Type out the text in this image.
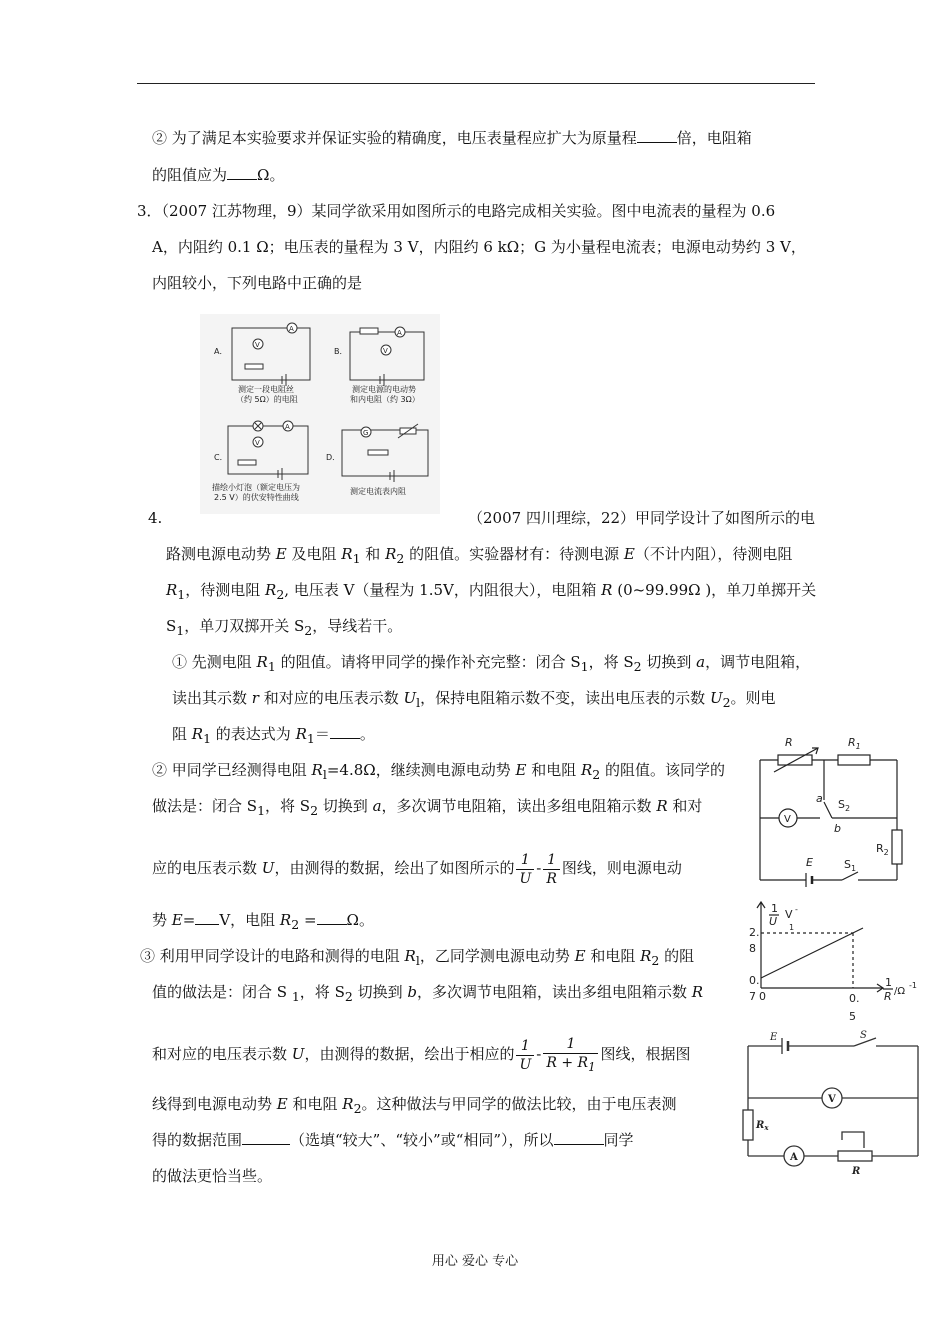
② 为了满足本实验要求并保证实验的精确度，电压表量程应扩大为原量程	倍，电阻箱
的阻值应为 Ω。
3．（2007 江苏物理，9）某同学欲采用如图所示的电路完成相关实验。图中电流表的量程为 0.6
A，内阻约 0.1 Ω；电压表的量程为 3 V，内阻约 6 kΩ；G 为小量程电流表；电源电动势约 3 V，
内阻较小，下列电路中正确的是
A．
A
V
测定一段电阻丝
（约 5Ω）的电阻
B．
A
V
测定电源的电动势
和内电阻（约 3Ω）
C．
A
V
描绘小灯泡（额定电压为
2.5 V）的伏安特性曲线
D．
G
测定电流表内阻
4.	（2007 四川理综，22）甲同学设计了如图所示的电
路测电源电动势 E 及电阻 $R_1$ 和 $R_2$ 的阻值。实验器材有：待测电源 E（不计内阻），待测电阻
$R_1$，待测电阻 $R_2$, 电压表 V（量程为 1.5V，内阻很大），电阻箱 R (0~99.99Ω )，单刀单掷开关
$S_1$，单刀双掷开关 $S_2$，导线若干。
① 先测电阻 $R_1$ 的阻值。请将甲同学的操作补充完整：闭合 $S_1$，将 $S_2$ 切换到 a，调节电阻箱，
读出其示数 r 和对应的电压表示数 $U_l$，保持电阻箱示数不变，读出电压表的示数 $U_2$。则电
阻 $R_1$ 的表达式为 $R_1=$ 。
② 甲同学已经测得电阻 $R_l=4.8\Omega$，继续测电源电动势 E 和电阻 $R_2$ 的阻值。该同学的
做法是：闭合 $S_1$，将 $S_2$ 切换到 a，多次调节电阻箱，读出多组电阻箱示数 R 和对
应的电压表示数 U，由测得的数据，绘出了如图所示的 $\frac{1}{U} - \frac{1}{R}$ 图线，则电源电动
势 E= V，电阻 $R_2 = \Omega$。
③ 利用甲同学设计的电路和测得的电阻 $R_l$，乙同学测电源电动势 E 和电阻 $R_2$ 的阻
值的做法是：闭合 S $_1$，将 $S_2$ 切换到 b，多次调节电阻箱，读出多组电阻箱示数 R
和对应的电压表示数 U，由测得的数据，绘出于相应的 $\frac{1}{U} - \frac{1}{R + R_1}$ 图线，根据图
线得到电源电动势 E 和电阻 $R_2$。这种做法与甲同学的做法比较，由于电压表测
得的数据范围	（选填“较大”、“较小”或“相同”），所以	同学
的做法更恰当些。
R	$R_1$
V
a
b
$S_2$
$R_2$
E	$S_1$
1
U
V -
1
2.
8
0.
7 0	0.
5
1
R /Ω
-1
E	S
V
A
$R_x$
R
用心 爱心 专心
